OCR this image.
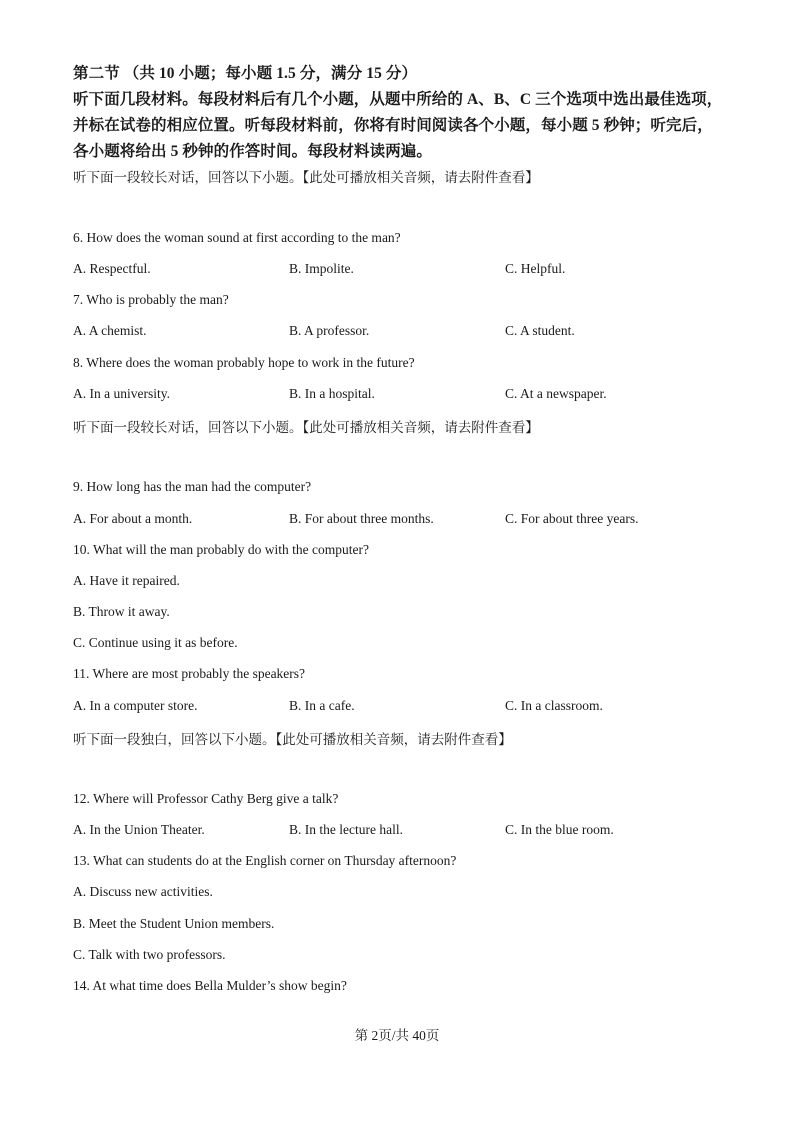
第二节 （共 10 小题；每小题 1.5 分，满分 15 分）
听下面几段材料。每段材料后有几个小题，从题中所给的 A、B、C 三个选项中选出最佳选项，
并标在试卷的相应位置。听每段材料前，你将有时间阅读各个小题，每小题 5 秒钟；听完后，
各小题将给出 5 秒钟的作答时间。每段材料读两遍。
听下面一段较长对话，回答以下小题。【此处可播放相关音频，请去附件查看】
6. How does the woman sound at first according to the man?
A. Respectful.	B. Impolite.	C. Helpful.
7. Who is probably the man?
A. A chemist.	B. A professor.	C. A student.
8. Where does the woman probably hope to work in the future?
A. In a university.	B. In a hospital.	C. At a newspaper.
听下面一段较长对话，回答以下小题。【此处可播放相关音频，请去附件查看】
9. How long has the man had the computer?
A. For about a month.	B. For about three months.	C. For about three years.
10. What will the man probably do with the computer?
A. Have it repaired.
B. Throw it away.
C. Continue using it as before.
11. Where are most probably the speakers?
A. In a computer store.	B. In a cafe.	C. In a classroom.
听下面一段独白，回答以下小题。【此处可播放相关音频，请去附件查看】
12. Where will Professor Cathy Berg give a talk?
A. In the Union Theater.	B. In the lecture hall.	C. In the blue room.
13. What can students do at the English corner on Thursday afternoon?
A. Discuss new activities.
B. Meet the Student Union members.
C. Talk with two professors.
14. At what time does Bella Mulder’s show begin?
第 2页/共 40页
